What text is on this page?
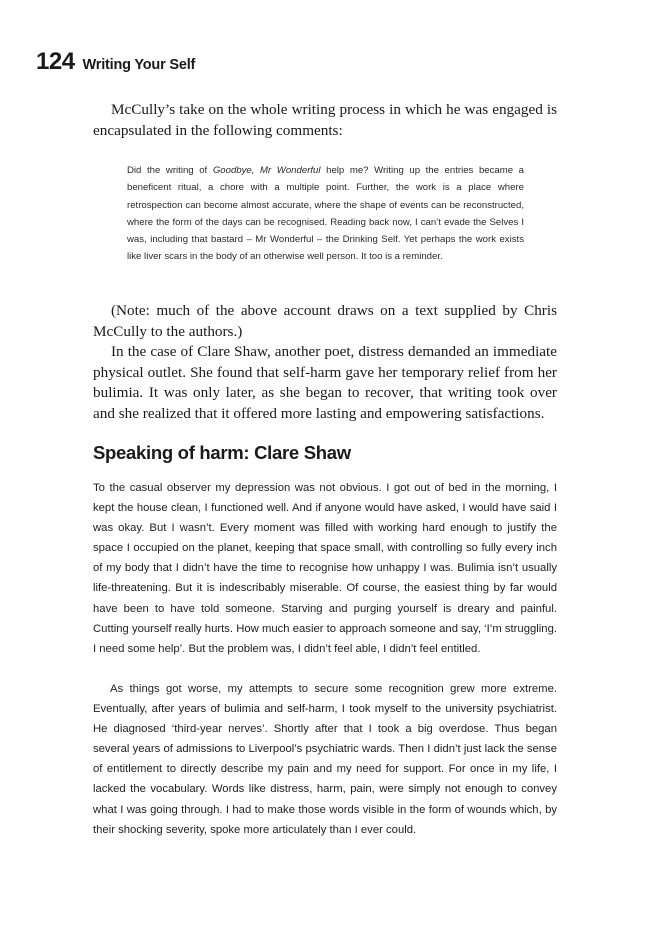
124 Writing Your Self

McCully’s take on the whole writing process in which he was engaged is encapsulated in the following comments:

Did the writing of Goodbye, Mr Wonderful help me? Writing up the entries became a beneficent ritual, a chore with a multiple point. Further, the work is a place where retrospection can become almost accurate, where the shape of events can be reconstructed, where the form of the days can be recognised. Reading back now, I can’t evade the Selves I was, including that bastard – Mr Wonderful – the Drinking Self. Yet perhaps the work exists like liver scars in the body of an otherwise well person. It too is a reminder.

(Note: much of the above account draws on a text supplied by Chris McCully to the authors.)

In the case of Clare Shaw, another poet, distress demanded an immediate physical outlet. She found that self-harm gave her temporary relief from her bulimia. It was only later, as she began to recover, that writing took over and she realized that it offered more lasting and empowering satisfactions.

Speaking of harm: Clare Shaw

To the casual observer my depression was not obvious. I got out of bed in the morning, I kept the house clean, I functioned well. And if anyone would have asked, I would have said I was okay. But I wasn’t. Every moment was filled with working hard enough to justify the space I occupied on the planet, keeping that space small, with controlling so fully every inch of my body that I didn’t have the time to recognise how unhappy I was. Bulimia isn’t usually life-threatening. But it is indescribably miserable. Of course, the easiest thing by far would have been to have told someone. Starving and purging yourself is dreary and painful. Cutting yourself really hurts. How much easier to approach someone and say, ‘I’m struggling. I need some help’. But the problem was, I didn’t feel able, I didn’t feel entitled.

As things got worse, my attempts to secure some recognition grew more extreme. Eventually, after years of bulimia and self-harm, I took myself to the university psychiatrist. He diagnosed ‘third-year nerves’. Shortly after that I took a big overdose. Thus began several years of admissions to Liverpool’s psychiatric wards. Then I didn’t just lack the sense of entitlement to directly describe my pain and my need for support. For once in my life, I lacked the vocabulary. Words like distress, harm, pain, were simply not enough to convey what I was going through. I had to make those words visible in the form of wounds which, by their shocking severity, spoke more articulately than I ever could.
